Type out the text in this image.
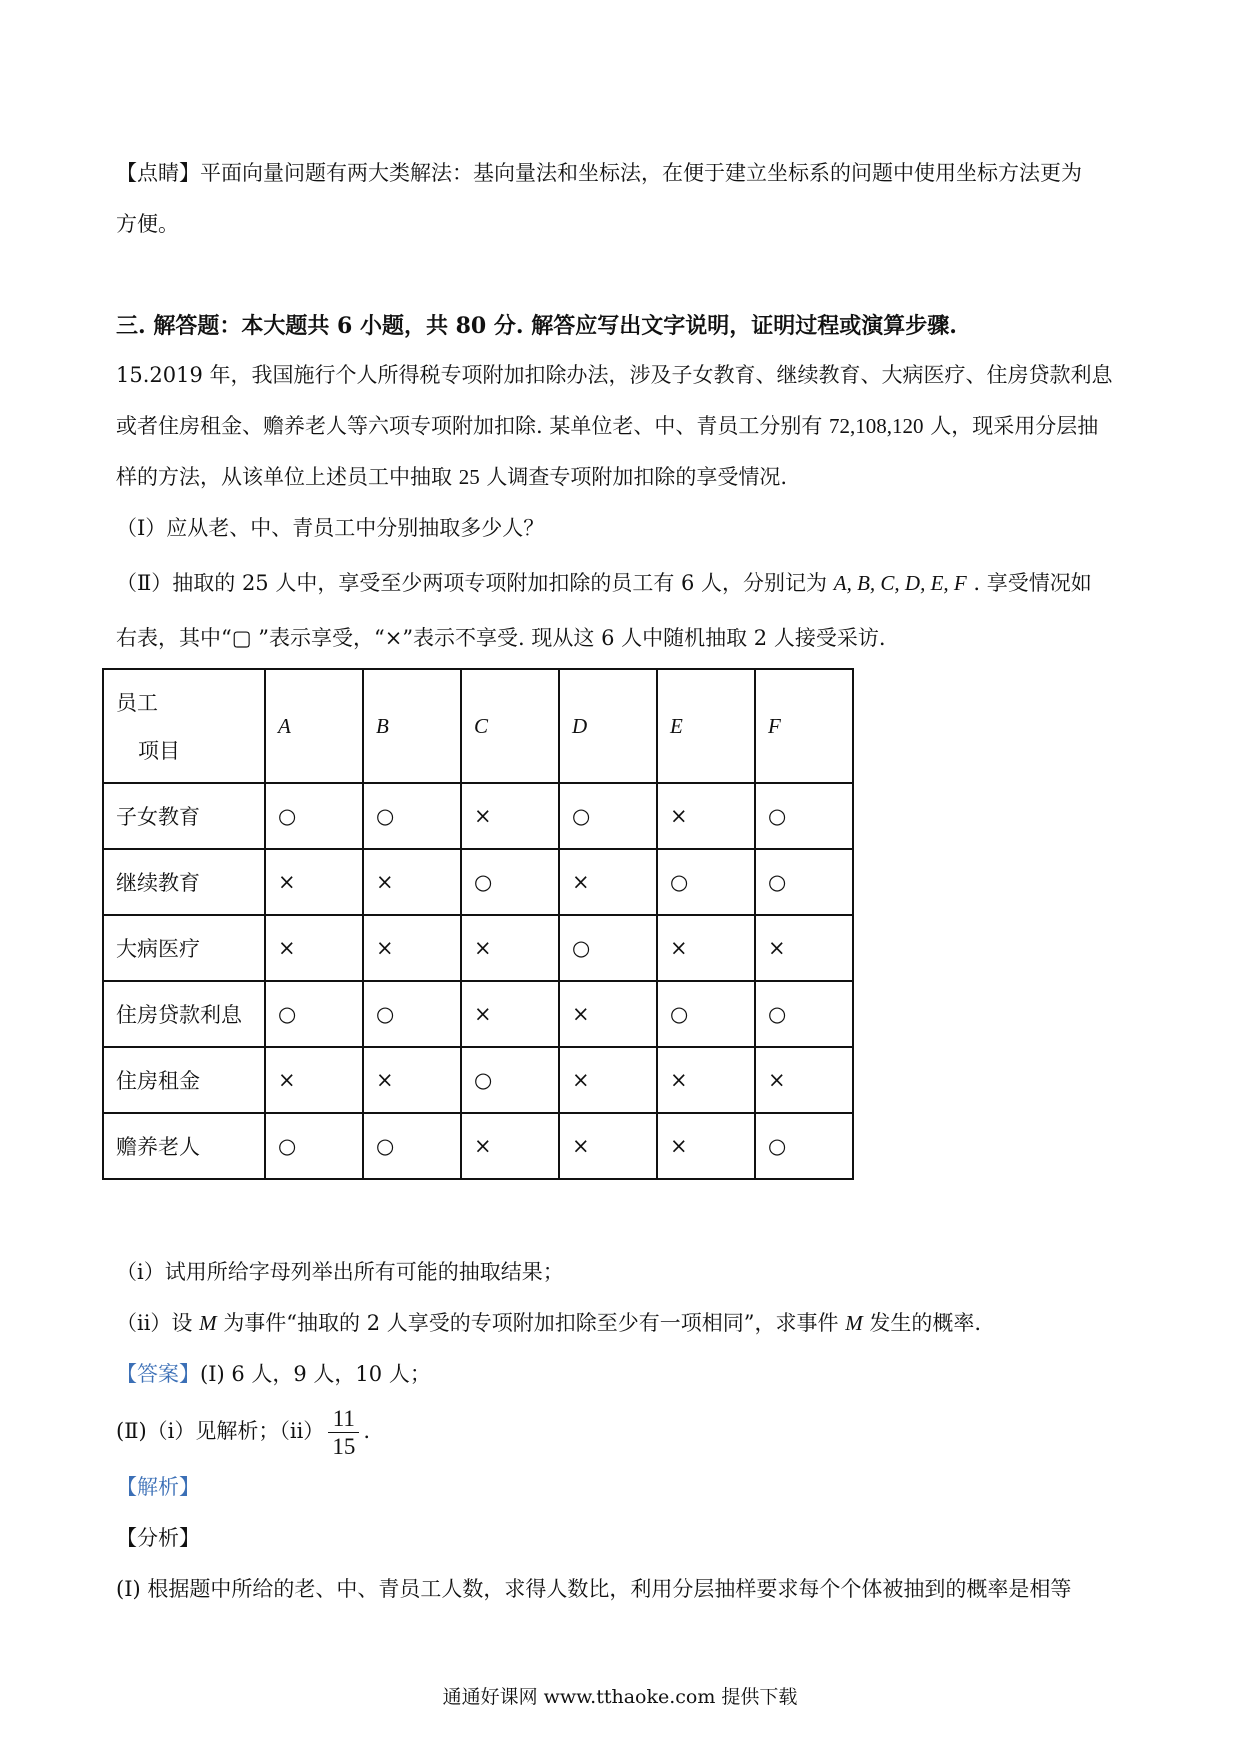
【点睛】平面向量问题有两大类解法：基向量法和坐标法，在便于建立坐标系的问题中使用坐标方法更为
方便。
三. 解答题：本大题共 6 小题，共 80 分. 解答应写出文字说明，证明过程或演算步骤.
15.2019 年，我国施行个人所得税专项附加扣除办法，涉及子女教育、继续教育、大病医疗、住房贷款利息
或者住房租金、赡养老人等六项专项附加扣除. 某单位老、中、青员工分别有 72,108,120 人，现采用分层抽
样的方法，从该单位上述员工中抽取 25 人调查专项附加扣除的享受情况.
（Ⅰ）应从老、中、青员工中分别抽取多少人？
（Ⅱ）抽取的 25 人中，享受至少两项专项附加扣除的员工有 6 人，分别记为 A, B, C, D, E, F . 享受情况如
右表，其中“▢ ”表示享受，“×”表示不享受. 现从这 6 人中随机抽取 2 人接受采访.
员工
项目	A	B	C	D	E	F
子女教育	○	○	×	○	×	○
继续教育	×	×	○	×	○	○
大病医疗	×	×	×	○	×	×
住房贷款利息	○	○	×	×	○	○
住房租金	×	×	○	×	×	×
赡养老人	○	○	×	×	×	○
（i）试用所给字母列举出所有可能的抽取结果；
（ii）设 M 为事件“抽取的 2 人享受的专项附加扣除至少有一项相同”，求事件 M 发生的概率.
【答案】(Ⅰ) 6 人，9 人，10 人；
(Ⅱ)（i）见解析；$(ii) \frac{11}{15}$ .
【解析】
【分析】
(Ⅰ) 根据题中所给的老、中、青员工人数，求得人数比，利用分层抽样要求每个个体被抽到的概率是相等
通通好课网 www.tthaoke.com 提供下载
